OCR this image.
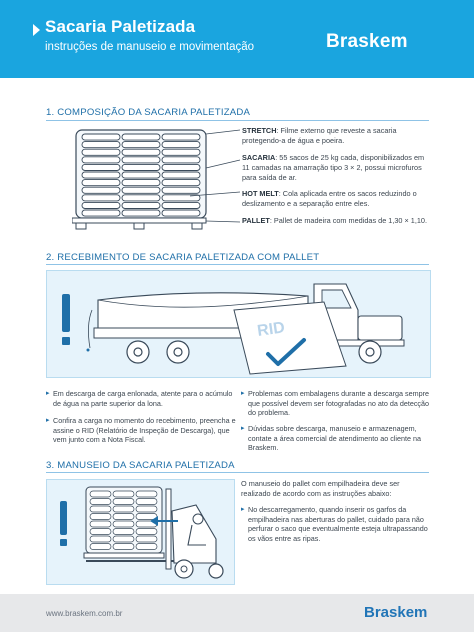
Sacaria Paletizada
instruções de manuseio e movimentação	Braskem
1. COMPOSIÇÃO DA SACARIA PALETIZADA
STRETCH: Filme externo que reveste a sacaria protegendo-a de água e poeira.
SACARIA: 55 sacos de 25 kg cada, disponibilizados em 11 camadas na amarração tipo 3 × 2, possui microfuros para saída de ar.
HOT MELT: Cola aplicada entre os sacos reduzindo o deslizamento e a separação entre eles.
PALLET: Pallet de madeira com medidas de 1,30 × 1,10.
2. RECEBIMENTO DE SACARIA PALETIZADA COM PALLET
RID
▸ Em descarga de carga enlonada, atente para o acúmulo de água na parte superior da lona.
▸ Confira a carga no momento do recebimento, preencha e assine o RID (Relatório de Inspeção de Descarga), que vem junto com a Nota Fiscal.
▸ Problemas com embalagens durante a descarga sempre que possível devem ser fotografadas no ato da detecção do problema.
▸ Dúvidas sobre descarga, manuseio e armazenagem, contate a área comercial de atendimento ao cliente na Braskem.
3. MANUSEIO DA SACARIA PALETIZADA
O manuseio do pallet com empilhadeira deve ser realizado de acordo com as instruções abaixo:
▸ No descarregamento, quando inserir os garfos da empilhadeira nas aberturas do pallet, cuidado para não perfurar o saco que eventualmente esteja ultrapassando os vãos entre as ripas.
www.braskem.com.br	Braskem
